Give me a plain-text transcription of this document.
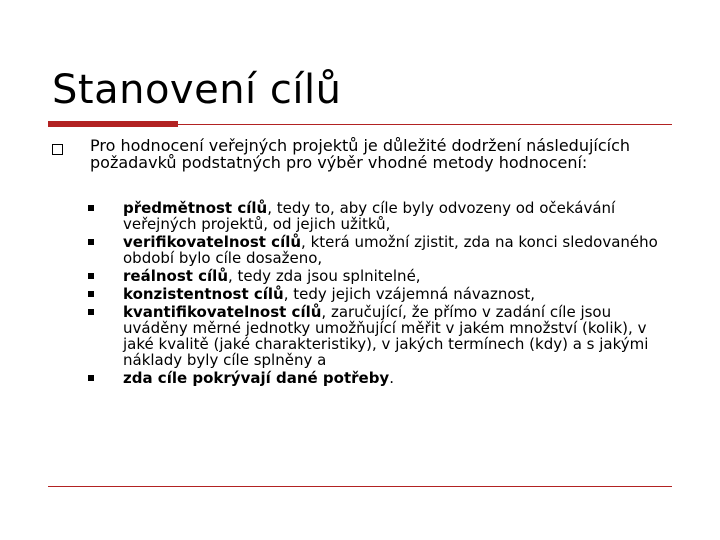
Stanovení cílů

Pro hodnocení veřejných projektů je důležité dodržení následujících požadavků podstatných pro výběr vhodné metody hodnocení:

předmětnost cílů, tedy to, aby cíle byly odvozeny od očekávání veřejných projektů, od jejich užitků,
verifikovatelnost cílů, která umožní zjistit, zda na konci sledovaného období bylo cíle dosaženo,
reálnost cílů, tedy zda jsou splnitelné,
konzistentnost cílů, tedy jejich vzájemná návaznost,
kvantifikovatelnost cílů, zaručující, že přímo v zadání cíle jsou uváděny měrné jednotky umožňující měřit v jakém množství (kolik), v jaké kvalitě (jaké charakteristiky), v jakých termínech (kdy) a s jakými náklady byly cíle splněny a
zda cíle pokrývají dané potřeby.
